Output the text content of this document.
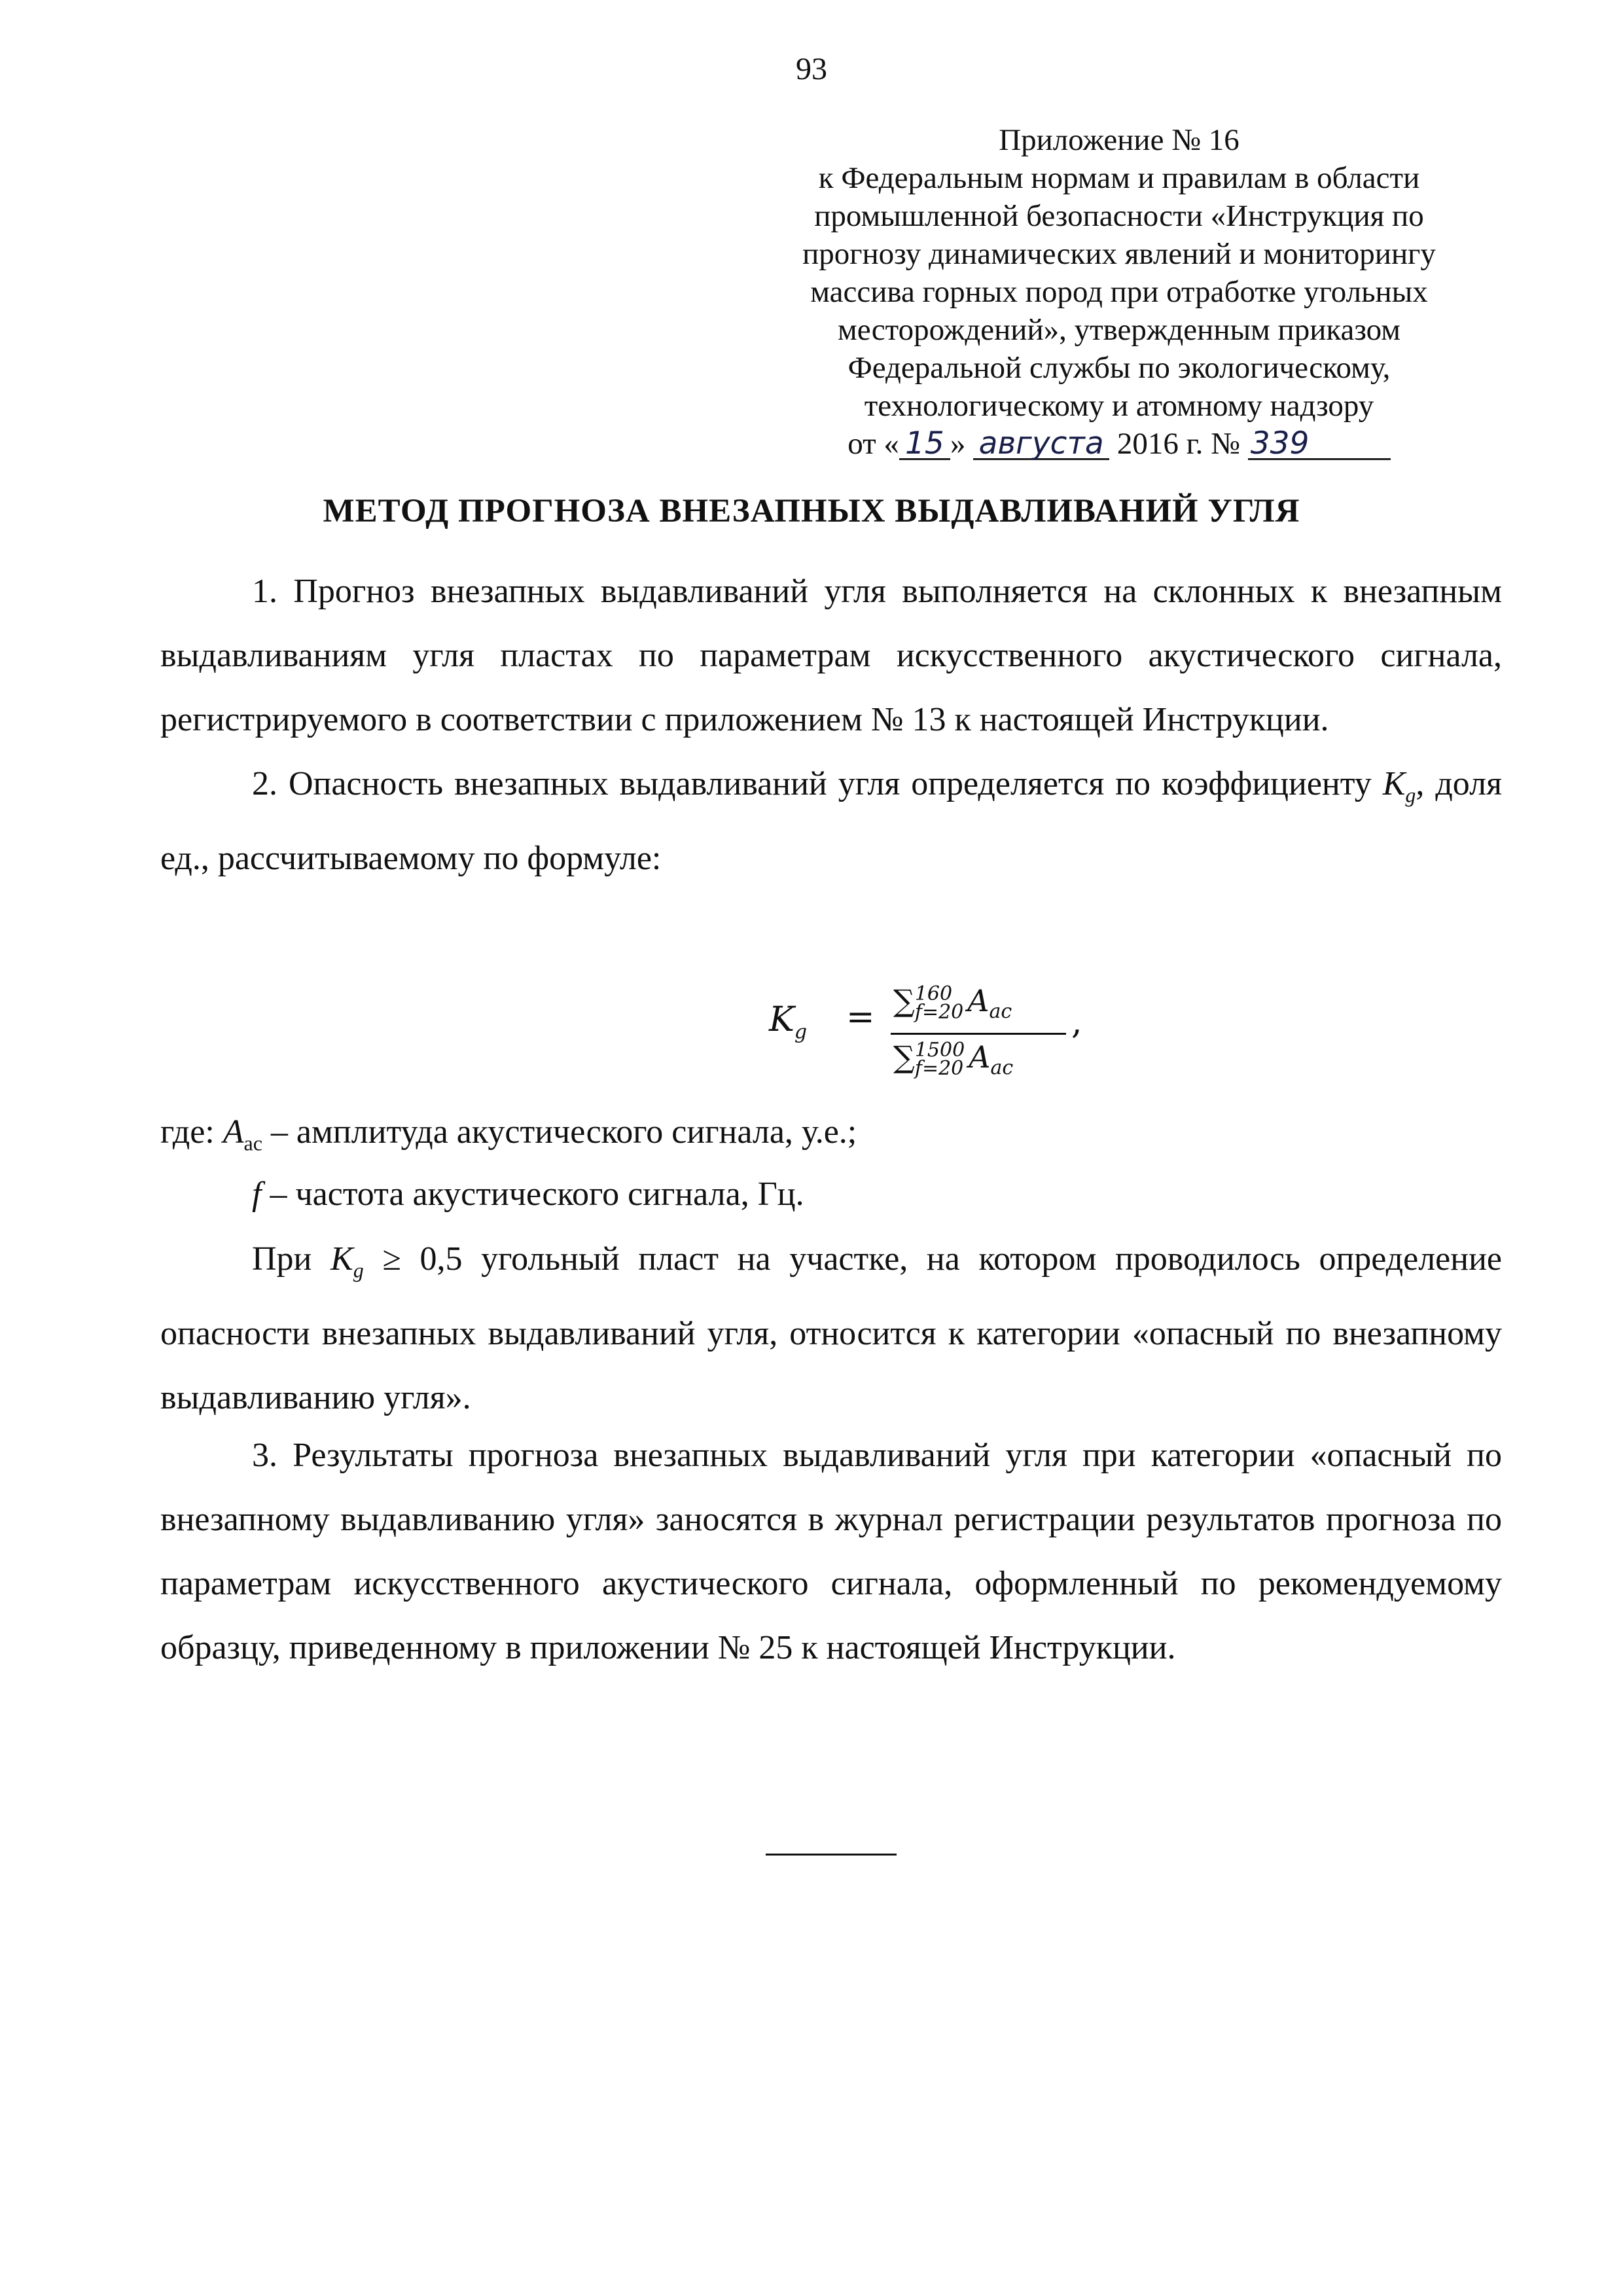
93
Приложение № 16
к Федеральным нормам и правилам в области
промышленной безопасности «Инструкция по
прогнозу динамических явлений и мониторингу
массива горных пород при отработке угольных
месторождений», утвержденным приказом
Федеральной службы по экологическому,
технологическому и атомному надзору
от « 15 » августа 2016 г. № 339
МЕТОД ПРОГНОЗА ВНЕЗАПНЫХ ВЫДАВЛИВАНИЙ УГЛЯ

1. Прогноз внезапных выдавливаний угля выполняется на склонных к внезапным выдавливаниям угля пластах по параметрам искусственного акустического сигнала, регистрируемого в соответствии с приложением № 13 к настоящей Инструкции.

2. Опасность внезапных выдавливаний угля определяется по коэффициенту $K_g$, доля ед., рассчитываемому по формуле:

$K_g$ = ∑ 160
f=20 $A_{ac}$
∑ 1500
f=20 $A_{ac}$
,
где: $A_{ac}$ – амплитуда акустического сигнала, у.е.;
f – частота акустического сигнала, Гц.

При $K_g \ge 0,5$ угольный пласт на участке, на котором проводилось определение опасности внезапных выдавливаний угля, относится к категории «опасный по внезапному выдавливанию угля».

3. Результаты прогноза внезапных выдавливаний угля при категории «опасный по внезапному выдавливанию угля» заносятся в журнал регистрации результатов прогноза по параметрам искусственного акустического сигнала, оформленный по рекомендуемому образцу, приведенному в приложении № 25 к настоящей Инструкции.
